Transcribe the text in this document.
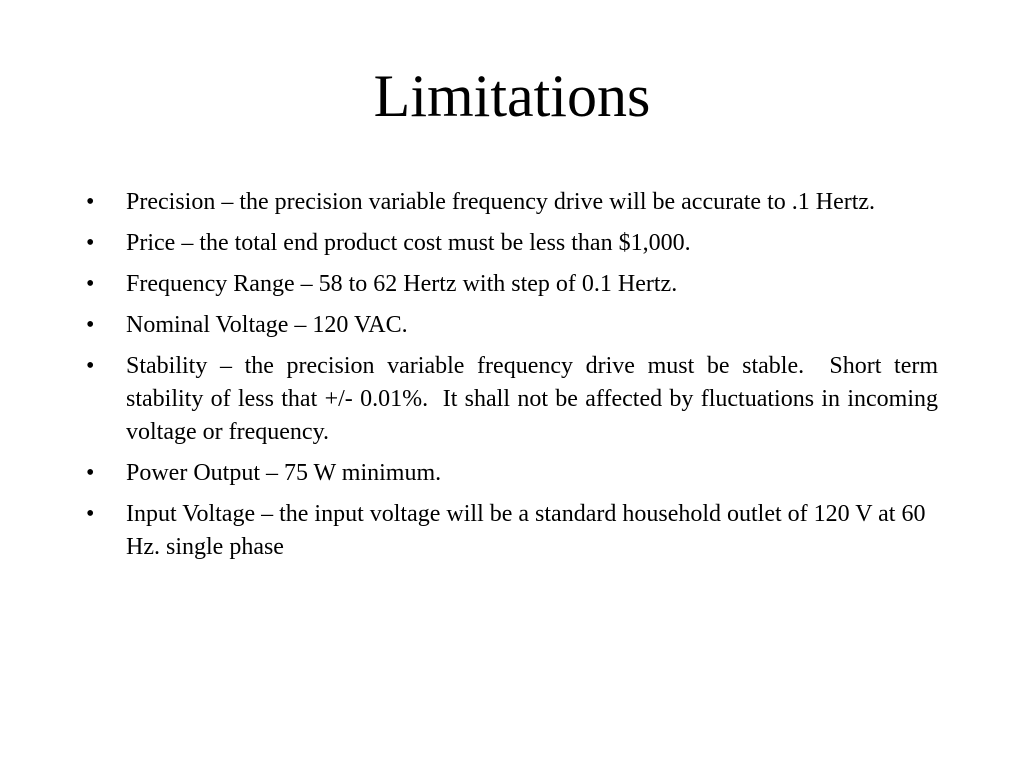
Limitations
• Precision – the precision variable frequency drive will be accurate to .1 Hertz.
• Price – the total end product cost must be less than $1,000.
• Frequency Range – 58 to 62 Hertz with step of 0.1 Hertz.
• Nominal Voltage – 120 VAC.
• Stability – the precision variable frequency drive must be stable.  Short term stability of less that +/- 0.01%.  It shall not be affected by fluctuations in incoming voltage or frequency.
• Power Output – 75 W minimum.
• Input Voltage – the input voltage will be a standard household outlet of 120 V at 60 Hz. single phase
